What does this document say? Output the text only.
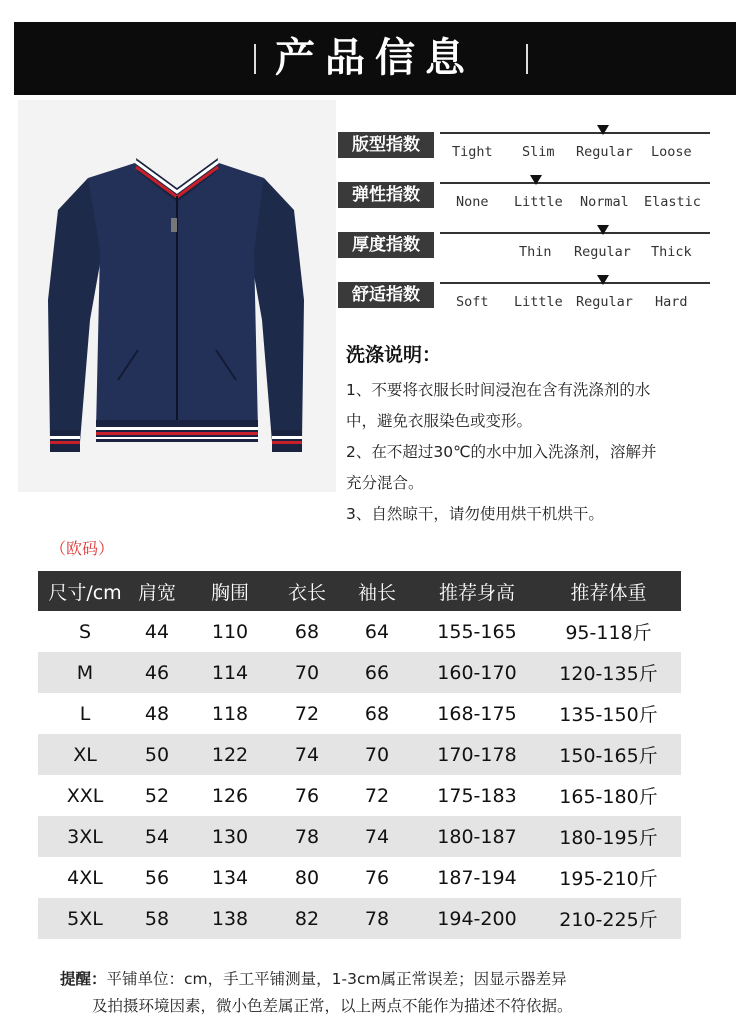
产品信息
版型指数	Tight Slim Regular Loose
弹性指数	None Little Normal Elastic
厚度指数	Thin Regular Thick
舒适指数	Soft Little Regular Hard
洗涤说明：
1、不要将衣服长时间浸泡在含有洗涤剂的水
中，避免衣服染色或变形。
2、在不超过30℃的水中加入洗涤剂，溶解并
充分混合。
3、自然晾干，请勿使用烘干机烘干。
（欧码）
尺寸/cm	肩宽	胸围	衣长	袖长	推荐身高	推荐体重
S	44	110	68	64	155-165	95-118斤
M	46	114	70	66	160-170	120-135斤
L	48	118	72	68	168-175	135-150斤
XL	50	122	74	70	170-178	150-165斤
XXL	52	126	76	72	175-183	165-180斤
3XL	54	130	78	74	180-187	180-195斤
4XL	56	134	80	76	187-194	195-210斤
5XL	58	138	82	78	194-200	210-225斤
提醒：平铺单位：cm，手工平铺测量，1-3cm属正常误差；因显示器差异
及拍摄环境因素，微小色差属正常，以上两点不能作为描述不符依据。
